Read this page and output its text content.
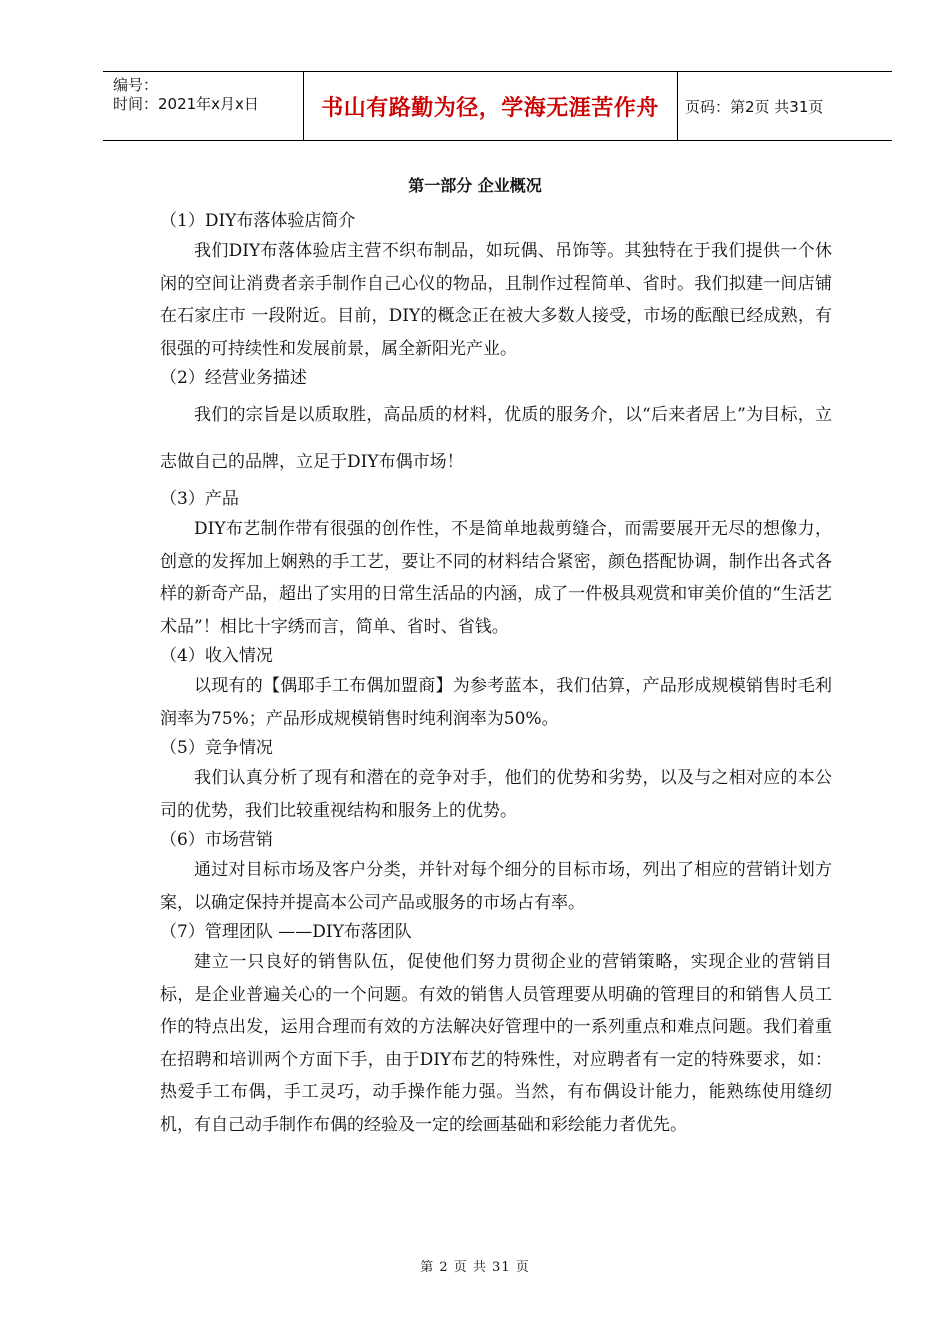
编号：
时间：2021年x月x日	书山有路勤为径，学海无涯苦作舟	页码：第2页 共31页
第一部分 企业概况
（1）DIY布落体验店简介

我们DIY布落体验店主营不织布制品，如玩偶、吊饰等。其独特在于我们提供一个休闲的空间让消费者亲手制作自己心仪的物品，且制作过程简单、省时。我们拟建一间店铺在石家庄市 一段附近。目前，DIY的概念正在被大多数人接受，市场的酝酿已经成熟，有很强的可持续性和发展前景，属全新阳光产业。

（2）经营业务描述

我们的宗旨是以质取胜，高品质的材料，优质的服务介，以“后来者居上”为目标，立志做自己的品牌，立足于DIY布偶市场！

（3）产品

DIY布艺制作带有很强的创作性，不是简单地裁剪缝合，而需要展开无尽的想像力，创意的发挥加上娴熟的手工艺，要让不同的材料结合紧密，颜色搭配协调，制作出各式各样的新奇产品，超出了实用的日常生活品的内涵，成了一件极具观赏和审美价值的“生活艺术品”！相比十字绣而言，简单、省时、省钱。

（4）收入情况

以现有的【偶耶手工布偶加盟商】为参考蓝本，我们估算，产品形成规模销售时毛利润率为75%；产品形成规模销售时纯利润率为50%。

（5）竞争情况

我们认真分析了现有和潜在的竞争对手，他们的优势和劣势，以及与之相对应的本公司的优势，我们比较重视结构和服务上的优势。

（6）市场营销

通过对目标市场及客户分类，并针对每个细分的目标市场，列出了相应的营销计划方案，以确定保持并提高本公司产品或服务的市场占有率。

（7）管理团队 ——DIY布落团队

建立一只良好的销售队伍，促使他们努力贯彻企业的营销策略，实现企业的营销目标，是企业普遍关心的一个问题。有效的销售人员管理要从明确的管理目的和销售人员工作的特点出发，运用合理而有效的方法解决好管理中的一系列重点和难点问题。我们着重在招聘和培训两个方面下手，由于DIY布艺的特殊性，对应聘者有一定的特殊要求，如：热爱手工布偶，手工灵巧，动手操作能力强。当然，有布偶设计能力，能熟练使用缝纫机，有自己动手制作布偶的经验及一定的绘画基础和彩绘能力者优先。

第 2 页 共 31 页
